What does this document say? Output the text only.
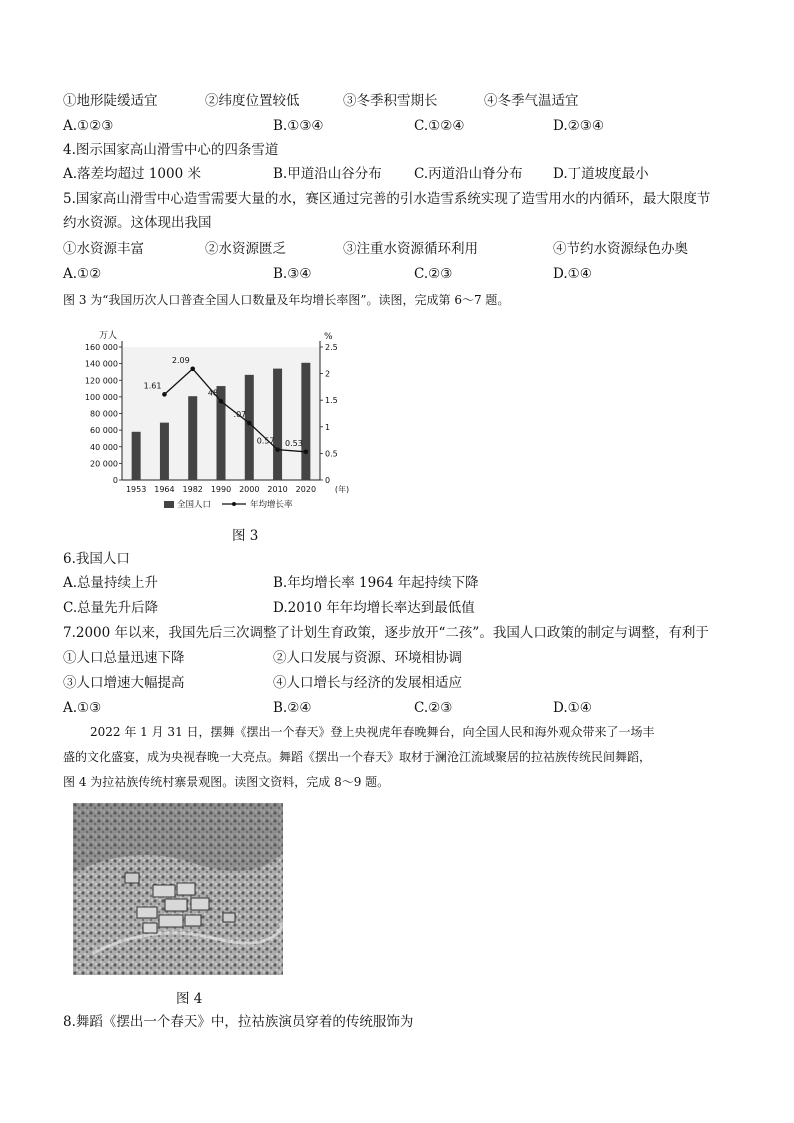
①地形陡缓适宜	②纬度位置较低	③冬季积雪期长	④冬季气温适宜
A.①②③	B.①③④	C.①②④	D.②③④
4.图示国家高山滑雪中心的四条雪道
A.落差均超过 1000 米	B.甲道沿山谷分布 C.丙道沿山脊分布 D.丁道坡度最小
5.国家高山滑雪中心造雪需要大量的水，赛区通过完善的引水造雪系统实现了造雪用水的内循环，最大限度节
约水资源。这体现出我国
①水资源丰富	②水资源匮乏	③注重水资源循环利用	④节约水资源绿色办奥
A.①②	B.③④	C.②③	D.①④
图 3 为“我国历次人口普查全国人口数量及年均增长率图”。读图，完成第 6～7 题。
160 000
140 000
120 000
100 000
80 000
60 000
40 000
20 000
0
2.5
2
1.5
1
0.5
0
万人	%
1953 1964 1982 1990 2000 2010 2020 (年)
1.61
2.09
48
.07
0.57 0.53
全国人口	年均增长率
图 3
6.我国人口
A.总量持续上升	B.年均增长率 1964 年起持续下降
C.总量先升后降	D.2010 年年均增长率达到最低值
7.2000 年以来，我国先后三次调整了计划生育政策，逐步放开“二孩”。我国人口政策的制定与调整，有利于
①人口总量迅速下降	②人口发展与资源、环境相协调
③人口增速大幅提高	④人口增长与经济的发展相适应
A.①③	B.②④	C.②③	D.①④
2022 年 1 月 31 日，摆舞《摆出一个春天》登上央视虎年春晚舞台，向全国人民和海外观众带来了一场丰
盛的文化盛宴，成为央视春晚一大亮点。舞蹈《摆出一个春天》取材于澜沧江流域聚居的拉祜族传统民间舞蹈，
图 4 为拉祜族传统村寨景观图。读图文资料，完成 8～9 题。
图 4
8.舞蹈《摆出一个春天》中，拉祜族演员穿着的传统服饰为
